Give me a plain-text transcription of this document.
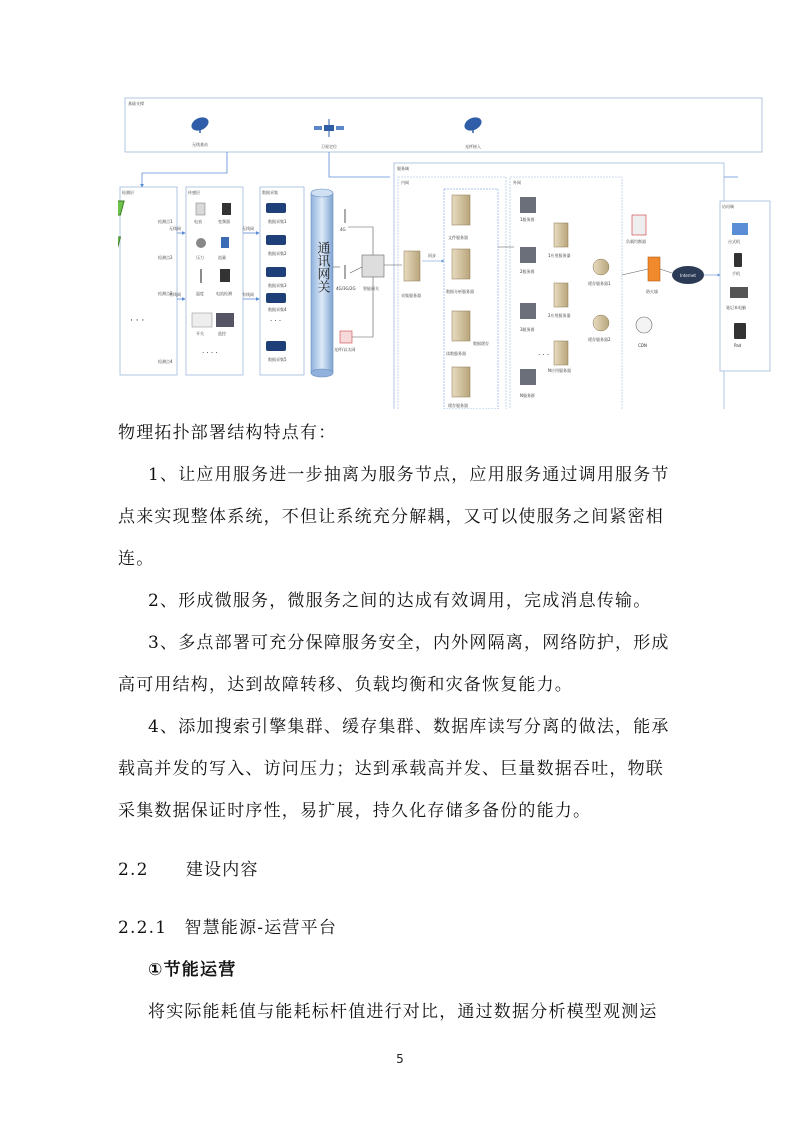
基础支撑
无线基站	卫星定位	光纤接入
检测层
检测点1
检测点2
检测点3
· · ·
检测点4
无线网
有线网
传感层
电表	变频器
压力	流量
温度	电流检测
开关	监控
· · · ·
无线网
有线网
数据采集
数据采集1
数据采集2
数据采集3
数据采集4
· · ·
数据采集5
通讯网关
4G
4G/3G/2G 智能网关
光纤/以太网
服务域
内网
采集服务器
同步
文件服务器
数据分析服务器
读数服务器
数据缓存
缓存服务器
外网
1服务群
1应用服务器
2服务群
2应用服务器
3服务群
· · ·
N应用服务器
N服务群
缓存服务器1
缓存服务器2
负载均衡器
防火墙
CDN
Internet
访问端
台式机
手机
笔记本电脑
Pad
物理拓扑部署结构特点有：
1、让应用服务进一步抽离为服务节点，应用服务通过调用服务节
点来实现整体系统，不但让系统充分解耦，又可以使服务之间紧密相
连。
2、形成微服务，微服务之间的达成有效调用，完成消息传输。
3、多点部署可充分保障服务安全，内外网隔离，网络防护，形成
高可用结构，达到故障转移、负载均衡和灾备恢复能力。
4、添加搜索引擎集群、缓存集群、数据库读写分离的做法，能承
载高并发的写入、访问压力；达到承载高并发、巨量数据吞吐，物联
采集数据保证时序性，易扩展，持久化存储多备份的能力。
2.2 建设内容
2.2.1 智慧能源-运营平台
①节能运营
将实际能耗值与能耗标杆值进行对比，通过数据分析模型观测运
5
